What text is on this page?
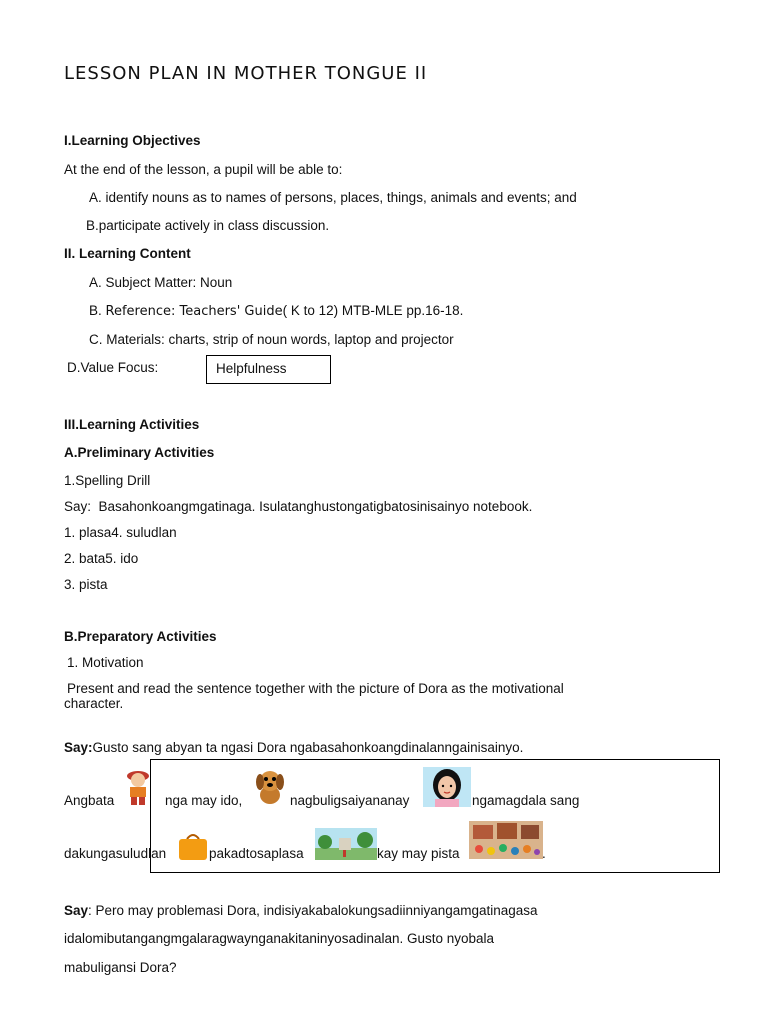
LESSON PLAN IN MOTHER TONGUE II
I.Learning Objectives
At the end of the lesson, a pupil will be able to:
A. identify nouns as to names of persons, places, things, animals and events; and
B.participate actively in class discussion.
II. Learning Content
A. Subject Matter: Noun
B. Reference: Teachers' Guide( K to 12) MTB-MLE pp.16-18.
C. Materials: charts, strip of noun words, laptop and projector
D.Value Focus:	Helpfulness
III.Learning Activities
A.Preliminary Activities
1.Spelling Drill
Say:  Basahonkoangmgatinaga. Isulatanghustongatigbatosinisainyo notebook.
1. plasa4. suludlan
2. bata5. ido
3. pista
B.Preparatory Activities
1. Motivation
Present and read the sentence together with the picture of Dora as the motivational
character.
Say:Gusto sang abyan ta ngasi Dora ngabasahonkoangdinalanngainisainyo.
Angbata	nga may ido,	nagbuligsaiyananay	ngamagdala sang
dakungasuludlan	pakadtosaplasa	kay may pista	.
Say: Pero may problemasi Dora, indisiyakabalokungsadiinniyangamgatinagasa
idalomibutangangmgalaragwaynganakitaninyosadinalan. Gusto nyobala
mabuligansi Dora?
